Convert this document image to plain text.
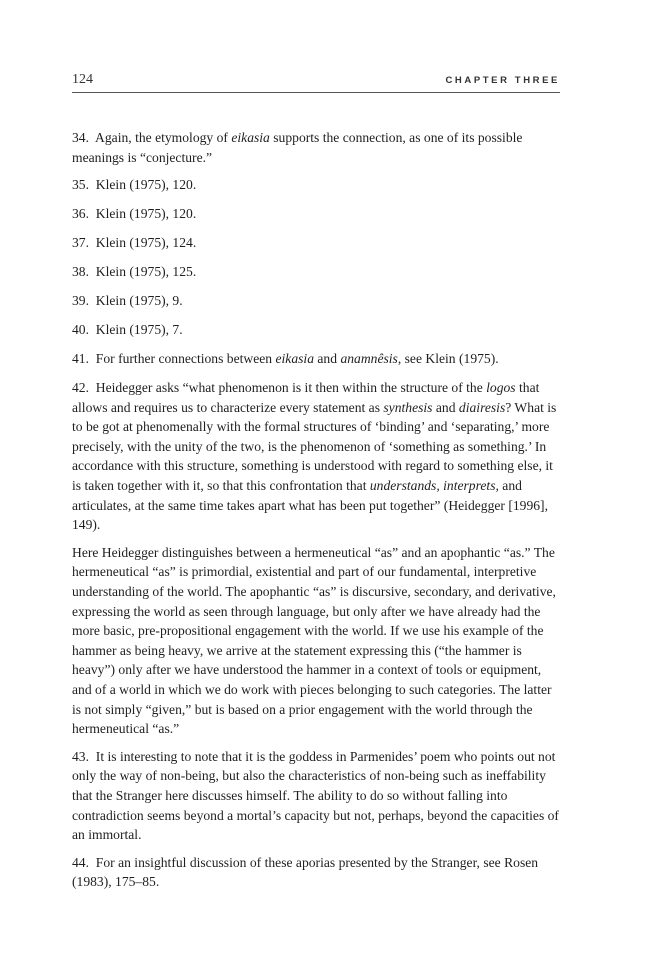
124	CHAPTER THREE

34. Again, the etymology of eikasia supports the connection, as one of its possible meanings is “conjecture.”

35. Klein (1975), 120.

36. Klein (1975), 120.

37. Klein (1975), 124.

38. Klein (1975), 125.

39. Klein (1975), 9.

40. Klein (1975), 7.

41. For further connections between eikasia and anamnêsis, see Klein (1975).

42. Heidegger asks “what phenomenon is it then within the structure of the logos that allows and requires us to characterize every statement as synthesis and diairesis? What is to be got at phenomenally with the formal structures of ‘binding’ and ‘separating,’ more precisely, with the unity of the two, is the phenomenon of ‘something as something.’ In accordance with this structure, something is understood with regard to something else, it is taken together with it, so that this confrontation that understands, interprets, and articulates, at the same time takes apart what has been put together” (Heidegger [1996], 149).

Here Heidegger distinguishes between a hermeneutical “as” and an apophantic “as.” The hermeneutical “as” is primordial, existential and part of our fundamental, interpretive understanding of the world. The apophantic “as” is discursive, secondary, and derivative, expressing the world as seen through language, but only after we have already had the more basic, pre-propositional engagement with the world. If we use his example of the hammer as being heavy, we arrive at the statement expressing this (“the hammer is heavy”) only after we have understood the hammer in a context of tools or equipment, and of a world in which we do work with pieces belonging to such categories. The latter is not simply “given,” but is based on a prior engagement with the world through the hermeneutical “as.”

43. It is interesting to note that it is the goddess in Parmenides’ poem who points out not only the way of non-being, but also the characteristics of non-being such as ineffability that the Stranger here discusses himself. The ability to do so without falling into contradiction seems beyond a mortal’s capacity but not, perhaps, beyond the capacities of an immortal.

44. For an insightful discussion of these aporias presented by the Stranger, see Rosen (1983), 175–85.
